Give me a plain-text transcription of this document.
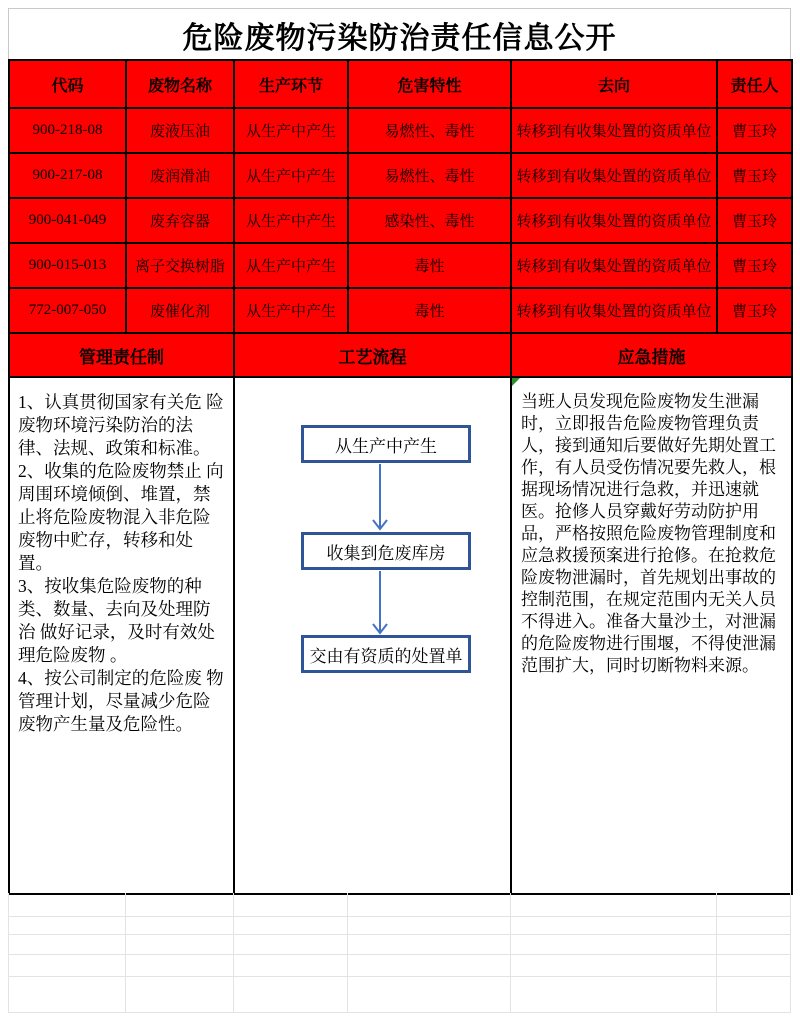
危险废物污染防治责任信息公开
代码	废物名称	生产环节	危害特性	去向	责任人
900-218-08	废液压油	从生产中产生	易燃性、毒性	转移到有收集处置的资质单位	曹玉玲
900-217-08	废润滑油	从生产中产生	易燃性、毒性	转移到有收集处置的资质单位	曹玉玲
900-041-049	废弃容器	从生产中产生	感染性、毒性	转移到有收集处置的资质单位	曹玉玲
900-015-013	离子交换树脂	从生产中产生	毒性	转移到有收集处置的资质单位	曹玉玲
772-007-050	废催化剂	从生产中产生	毒性	转移到有收集处置的资质单位	曹玉玲
管理责任制		工艺流程		应急措施	

1、认真贯彻国家有关危 险废物环境污染防治的法律、法规、政策和标准。
2、收集的危险废物禁止 向周围环境倾倒、堆置，禁止将危险废物混入非危险废物中贮存，转移和处置。
3、按收集危险废物的种 类、数量、去向及处理防治 做好记录，及时有效处理危险废物 。
4、按公司制定的危险废 物管理计划，尽量减少危险废物产生量及危险性。

从生产中产生
收集到危废库房
交由有资质的处置单

当班人员发现危险废物发生泄漏时，立即报告危险废物管理负责人，接到通知后要做好先期处置工作，有人员受伤情况要先救人，根据现场情况进行急救，并迅速就医。抢修人员穿戴好劳动防护用品，严格按照危险废物管理制度和应急救援预案进行抢修。在抢救危险废物泄漏时，首先规划出事故的控制范围，在规定范围内无关人员不得进入。准备大量沙土，对泄漏的危险废物进行围堰，不得使泄漏范围扩大，同时切断物料来源。
